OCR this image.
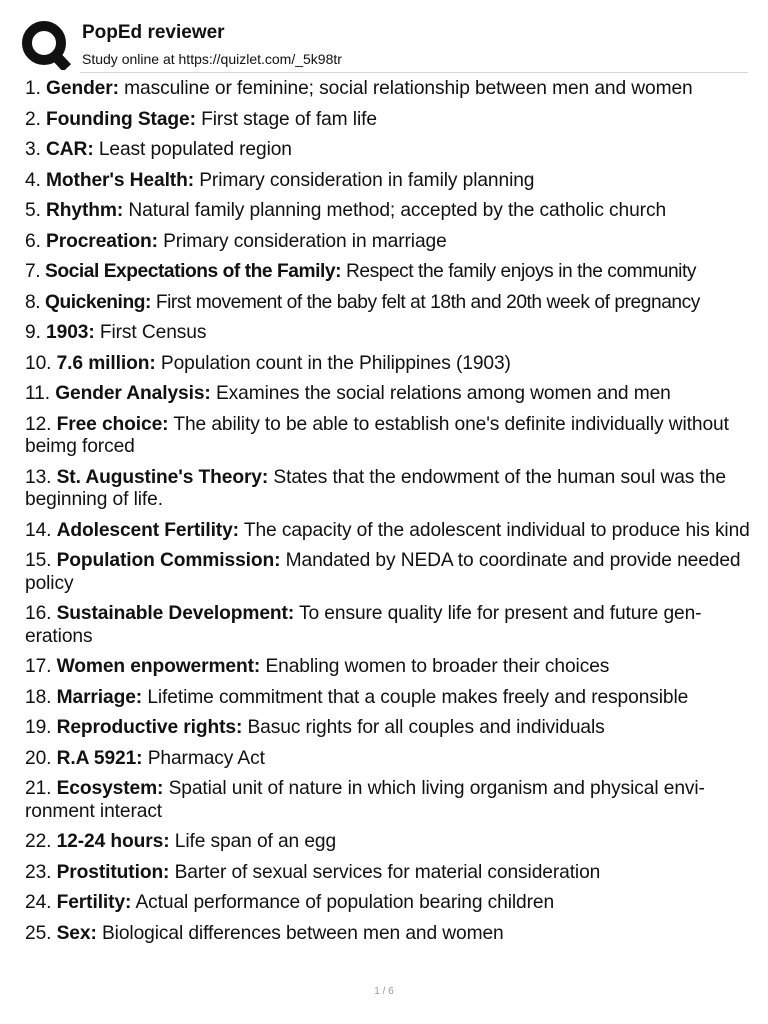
PopEd reviewer
Study online at https://quizlet.com/_5k98tr
1. Gender: masculine or feminine; social relationship between men and women
2. Founding Stage: First stage of fam life
3. CAR: Least populated region
4. Mother's Health: Primary consideration in family planning
5. Rhythm: Natural family planning method; accepted by the catholic church
6. Procreation: Primary consideration in marriage
7. Social Expectations of the Family: Respect the family enjoys in the community
8. Quickening: First movement of the baby felt at 18th and 20th week of pregnancy
9. 1903: First Census
10. 7.6 million: Population count in the Philippines (1903)
11. Gender Analysis: Examines the social relations among women and men
12. Free choice: The ability to be able to establish one's definite individually without beimg forced
13. St. Augustine's Theory: States that the endowment of the human soul was the beginning of life.
14. Adolescent Fertility: The capacity of the adolescent individual to produce his kind
15. Population Commission: Mandated by NEDA to coordinate and provide needed policy
16. Sustainable Development: To ensure quality life for present and future gen-erations
17. Women enpowerment: Enabling women to broader their choices
18. Marriage: Lifetime commitment that a couple makes freely and responsible
19. Reproductive rights: Basuc rights for all couples and individuals
20. R.A 5921: Pharmacy Act
21. Ecosystem: Spatial unit of nature in which living organism and physical envi-ronment interact
22. 12-24 hours: Life span of an egg
23. Prostitution: Barter of sexual services for material consideration
24. Fertility: Actual performance of population bearing children
25. Sex: Biological differences between men and women
1 / 6
